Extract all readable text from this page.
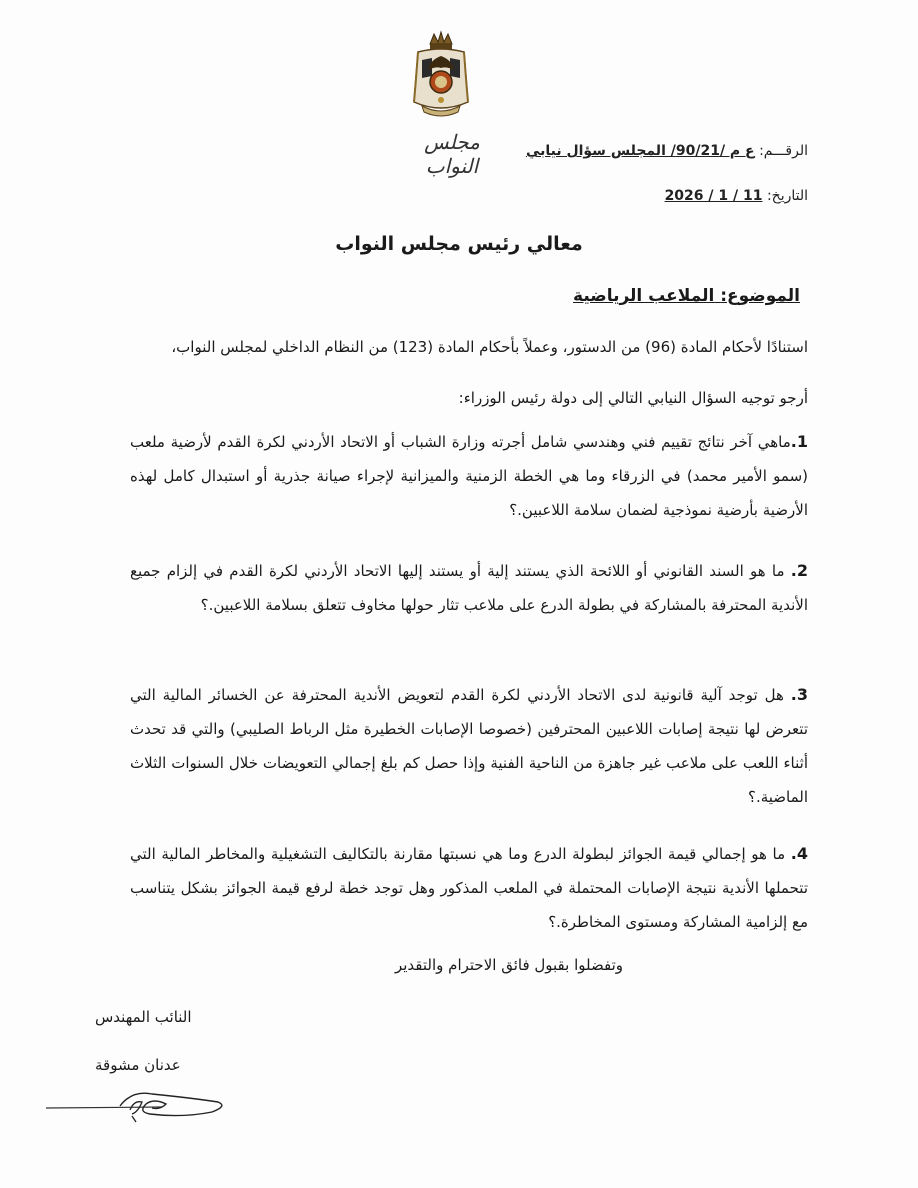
مجلس النواب
الرقـــم: ع م /90/21/ المجلس سؤال نيابي
التاريخ: 2026 / 1 / 11
معالي رئيس مجلس النواب
الموضوع: الملاعب الرياضية
استنادًا لأحكام المادة (96) من الدستور، وعملاً بأحكام المادة (123) من النظام الداخلي لمجلس النواب،
أرجو توجيه السؤال النيابي التالي إلى دولة رئيس الوزراء:
1.ماهي آخر نتائج تقييم فني وهندسي شامل أجرته وزارة الشباب أو الاتحاد الأردني لكرة القدم لأرضية ملعب (سمو الأمير محمد) في الزرقاء وما هي الخطة الزمنية والميزانية لإجراء صيانة جذرية أو استبدال كامل لهذه الأرضية بأرضية نموذجية لضمان سلامة اللاعبين.؟
2. ما هو السند القانوني أو اللائحة الذي يستند إلية أو يستند إليها الاتحاد الأردني لكرة القدم في إلزام جميع الأندية المحترفة بالمشاركة في بطولة الدرع على ملاعب تثار حولها مخاوف تتعلق بسلامة اللاعبين.؟
3. هل توجد آلية قانونية لدى الاتحاد الأردني لكرة القدم لتعويض الأندية المحترفة عن الخسائر المالية التي تتعرض لها نتيجة إصابات اللاعبين المحترفين (خصوصا الإصابات الخطيرة مثل الرباط الصليبي) والتي قد تحدث أثناء اللعب على ملاعب غير جاهزة من الناحية الفنية وإذا حصل كم بلغ إجمالي التعويضات خلال السنوات الثلاث الماضية.؟
4. ما هو إجمالي قيمة الجوائز لبطولة الدرع وما هي نسبتها مقارنة بالتكاليف التشغيلية والمخاطر المالية التي تتحملها الأندية نتيجة الإصابات المحتملة في الملعب المذكور وهل توجد خطة لرفع قيمة الجوائز بشكل يتناسب مع إلزامية المشاركة ومستوى المخاطرة.؟
وتفضلوا بقبول فائق الاحترام والتقدير
النائب المهندس
عدنان مشوقة
